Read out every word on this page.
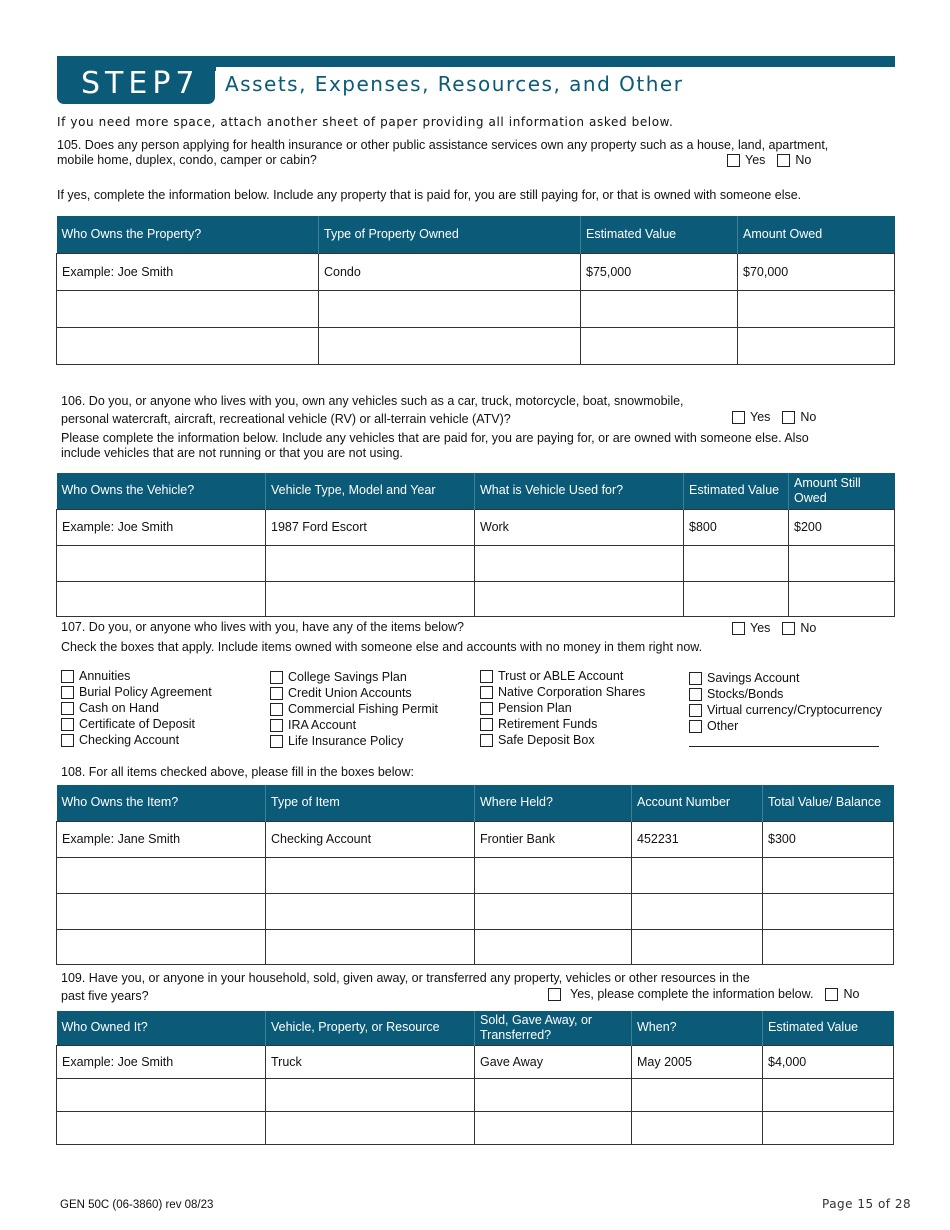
STEP7	Assets, Expenses, Resources, and Other
If you need more space, attach another sheet of paper providing all information asked below.
105. Does any person applying for health insurance or other public assistance services own any property such as a house, land, apartment,
mobile home, duplex, condo, camper or cabin?	Yes No
If yes, complete the information below. Include any property that is paid for, you are still paying for, or that is owned with someone else.
Who Owns the Property?	Type of Property Owned	Estimated Value	Amount Owed
Example: Joe Smith	Condo	$75,000	$70,000

106. Do you, or anyone who lives with you, own any vehicles such as a car, truck, motorcycle, boat, snowmobile,
personal watercraft, aircraft, recreational vehicle (RV) or all-terrain vehicle (ATV)?	Yes No
Please complete the information below. Include any vehicles that are paid for, you are paying for, or are owned with someone else. Also
include vehicles that are not running or that you are not using.
Who Owns the Vehicle?	Vehicle Type, Model and Year	What is Vehicle Used for?	Estimated Value	Amount Still Owed
Example: Joe Smith	1987 Ford Escort	Work	$800	$200

107. Do you, or anyone who lives with you, have any of the items below?	Yes No
Check the boxes that apply. Include items owned with someone else and accounts with no money in them right now.
Annuities
Burial Policy Agreement
Cash on Hand
Certificate of Deposit
Checking Account
College Savings Plan
Credit Union Accounts
Commercial Fishing Permit
IRA Account
Life Insurance Policy
Trust or ABLE Account
Native Corporation Shares
Pension Plan
Retirement Funds
Safe Deposit Box
Savings Account
Stocks/Bonds
Virtual currency/Cryptocurrency
Other
108. For all items checked above, please fill in the boxes below:
Who Owns the Item?	Type of Item	Where Held?	Account Number	Total Value/ Balance
Example: Jane Smith	Checking Account	Frontier Bank	452231	$300

109. Have you, or anyone in your household, sold, given away, or transferred any property, vehicles or other resources in the
past five years?	Yes, please complete the information below. No
Who Owned It?	Vehicle, Property, or Resource	Sold, Gave Away, or Transferred?	When?	Estimated Value
Example: Joe Smith	Truck	Gave Away	May 2005	$4,000

GEN 50C (06-3860) rev 08/23	Page 15 of 28
